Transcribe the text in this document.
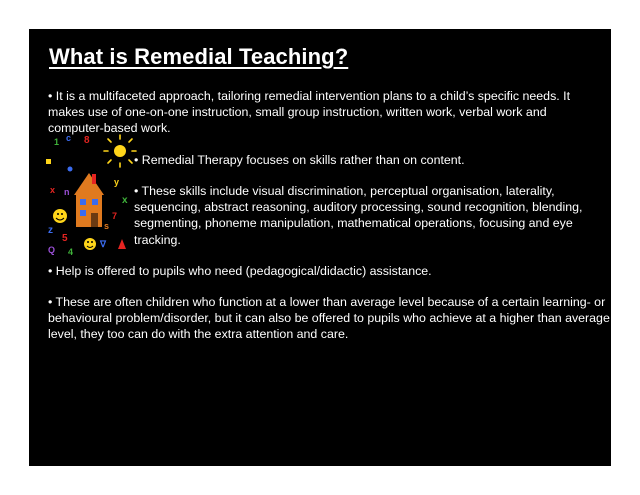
What is Remedial Teaching?

• It is a multifaceted approach, tailoring remedial intervention plans to a child’s specific needs. It makes use of one-on-one instruction, small group instruction, written work, verbal work and computer-based work.

• Remedial Therapy focuses on skills rather than on content.

• These skills include visual discrimination, perceptual organisation, laterality, sequencing, abstract reasoning, auditory processing, sound recognition, blending, segmenting, phoneme manipulation, mathematical operations, focusing and eye tracking.

• Help is offered to pupils who need (pedagogical/didactic) assistance.

• These are often children who function at a lower than average level because of a certain learning- or behavioural problem/disorder, but it can also be offered to pupils who achieve at a higher than average level, they too can do with the extra attention and care.

1 c 8
x n
y
x
7
z
5
Q 4
∇
s
